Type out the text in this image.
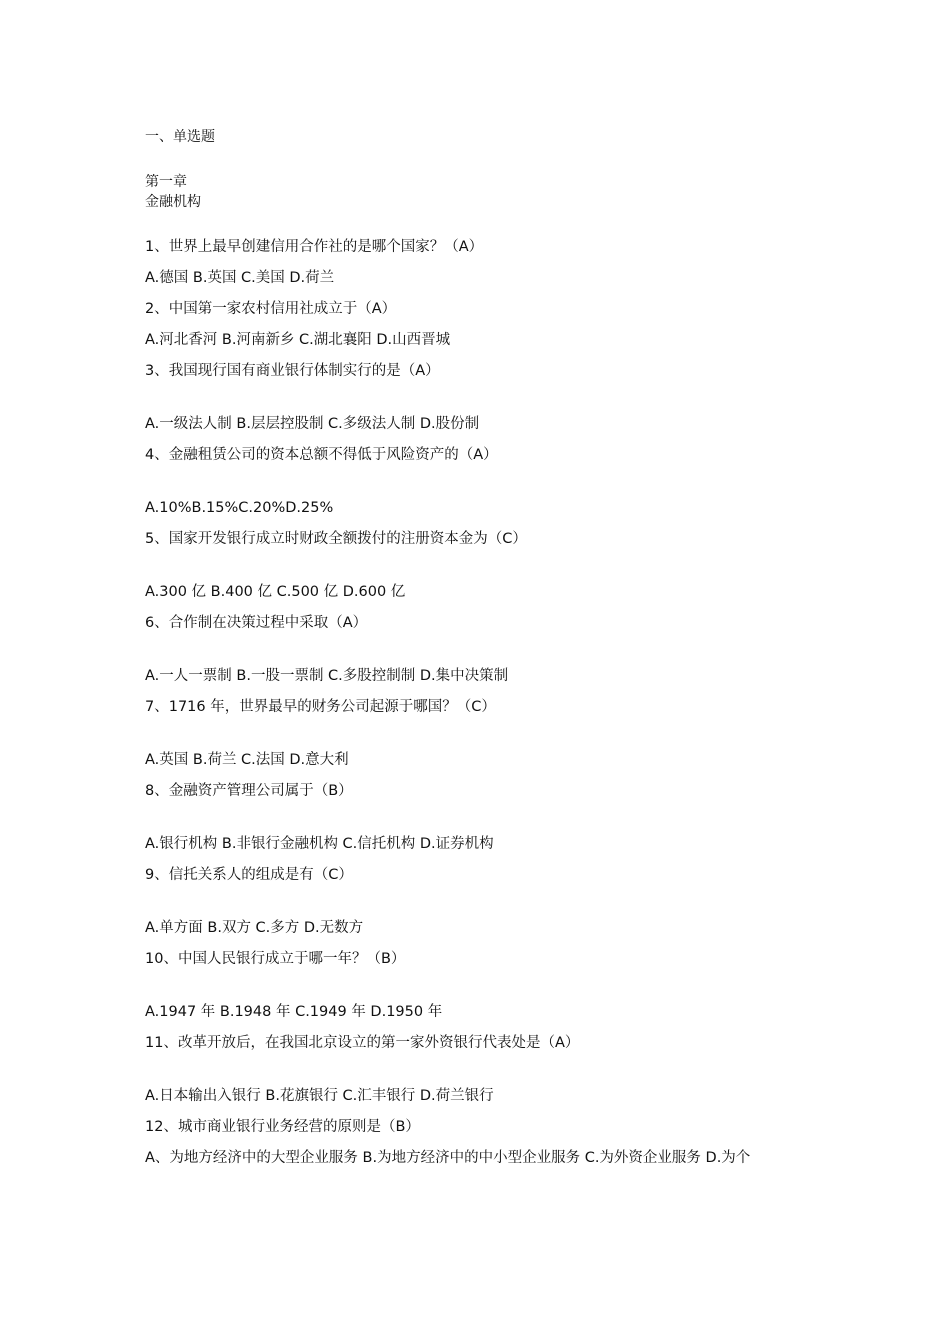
一、单选题

第一章

金融机构

1、世界上最早创建信用合作社的是哪个国家？（A）

A.德国 B.英国 C.美国 D.荷兰

2、中国第一家农村信用社成立于（A）

A.河北香河 B.河南新乡 C.湖北襄阳 D.山西晋城

3、我国现行国有商业银行体制实行的是（A）

A.一级法人制 B.层层控股制 C.多级法人制 D.股份制

4、金融租赁公司的资本总额不得低于风险资产的（A）

A.10%B.15%C.20%D.25%

5、国家开发银行成立时财政全额拨付的注册资本金为（C）

A.300 亿 B.400 亿 C.500 亿 D.600 亿

6、合作制在决策过程中采取（A）

A.一人一票制 B.一股一票制 C.多股控制制 D.集中决策制

7、1716 年，世界最早的财务公司起源于哪国？（C）

A.英国 B.荷兰 C.法国 D.意大利

8、金融资产管理公司属于（B）

A.银行机构 B.非银行金融机构 C.信托机构 D.证券机构

9、信托关系人的组成是有（C）

A.单方面 B.双方 C.多方 D.无数方

10、中国人民银行成立于哪一年？（B）

A.1947 年 B.1948 年 C.1949 年 D.1950 年

11、改革开放后，在我国北京设立的第一家外资银行代表处是（A）

A.日本输出入银行 B.花旗银行 C.汇丰银行 D.荷兰银行

12、城市商业银行业务经营的原则是（B）

A、为地方经济中的大型企业服务 B.为地方经济中的中小型企业服务 C.为外资企业服务 D.为个
